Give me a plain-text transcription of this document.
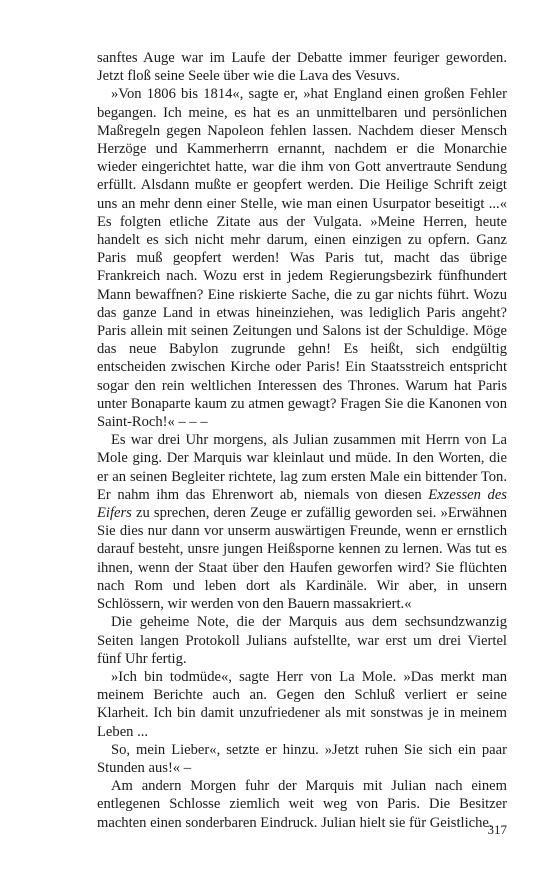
sanftes Auge war im Laufe der Debatte immer feuriger geworden. Jetzt floß seine Seele über wie die Lava des Vesuvs.

»Von 1806 bis 1814«, sagte er, »hat England einen großen Fehler begangen. Ich meine, es hat es an unmittelbaren und persönlichen Maßregeln gegen Napoleon fehlen lassen. Nachdem dieser Mensch Herzöge und Kammerherrn ernannt, nachdem er die Monarchie wieder eingerichtet hatte, war die ihm von Gott anvertraute Sendung erfüllt. Alsdann mußte er geopfert werden. Die Heilige Schrift zeigt uns an mehr denn einer Stelle, wie man einen Usurpator beseitigt ...« Es folgten etliche Zitate aus der Vulgata. »Meine Herren, heute handelt es sich nicht mehr darum, einen einzigen zu opfern. Ganz Paris muß geopfert werden! Was Paris tut, macht das übrige Frankreich nach. Wozu erst in jedem Regierungsbezirk fünfhundert Mann bewaffnen? Eine riskierte Sache, die zu gar nichts führt. Wozu das ganze Land in etwas hineinziehen, was lediglich Paris angeht? Paris allein mit seinen Zeitungen und Salons ist der Schuldige. Möge das neue Babylon zugrunde gehn! Es heißt, sich endgültig entscheiden zwischen Kirche oder Paris! Ein Staatsstreich entspricht sogar den rein weltlichen Interessen des Thrones. Warum hat Paris unter Bonaparte kaum zu atmen gewagt? Fragen Sie die Kanonen von Saint-Roch!« – – –

Es war drei Uhr morgens, als Julian zusammen mit Herrn von La Mole ging. Der Marquis war kleinlaut und müde. In den Worten, die er an seinen Begleiter richtete, lag zum ersten Male ein bittender Ton. Er nahm ihm das Ehrenwort ab, niemals von diesen Exzessen des Eifers zu sprechen, deren Zeuge er zufällig geworden sei. »Erwähnen Sie dies nur dann vor unserm auswärtigen Freunde, wenn er ernstlich darauf besteht, unsre jungen Heißsporne kennen zu lernen. Was tut es ihnen, wenn der Staat über den Haufen geworfen wird? Sie flüchten nach Rom und leben dort als Kardinäle. Wir aber, in unsern Schlössern, wir werden von den Bauern massakriert.«

Die geheime Note, die der Marquis aus dem sechsundzwanzig Seiten langen Protokoll Julians aufstellte, war erst um drei Viertel fünf Uhr fertig.

»Ich bin todmüde«, sagte Herr von La Mole. »Das merkt man meinem Berichte auch an. Gegen den Schluß verliert er seine Klarheit. Ich bin damit unzufriedener als mit sonstwas je in meinem Leben ...

So, mein Lieber«, setzte er hinzu. »Jetzt ruhen Sie sich ein paar Stunden aus!« –

Am andern Morgen fuhr der Marquis mit Julian nach einem entlegenen Schlosse ziemlich weit weg von Paris. Die Besitzer machten einen sonderbaren Eindruck. Julian hielt sie für Geistliche.

317
